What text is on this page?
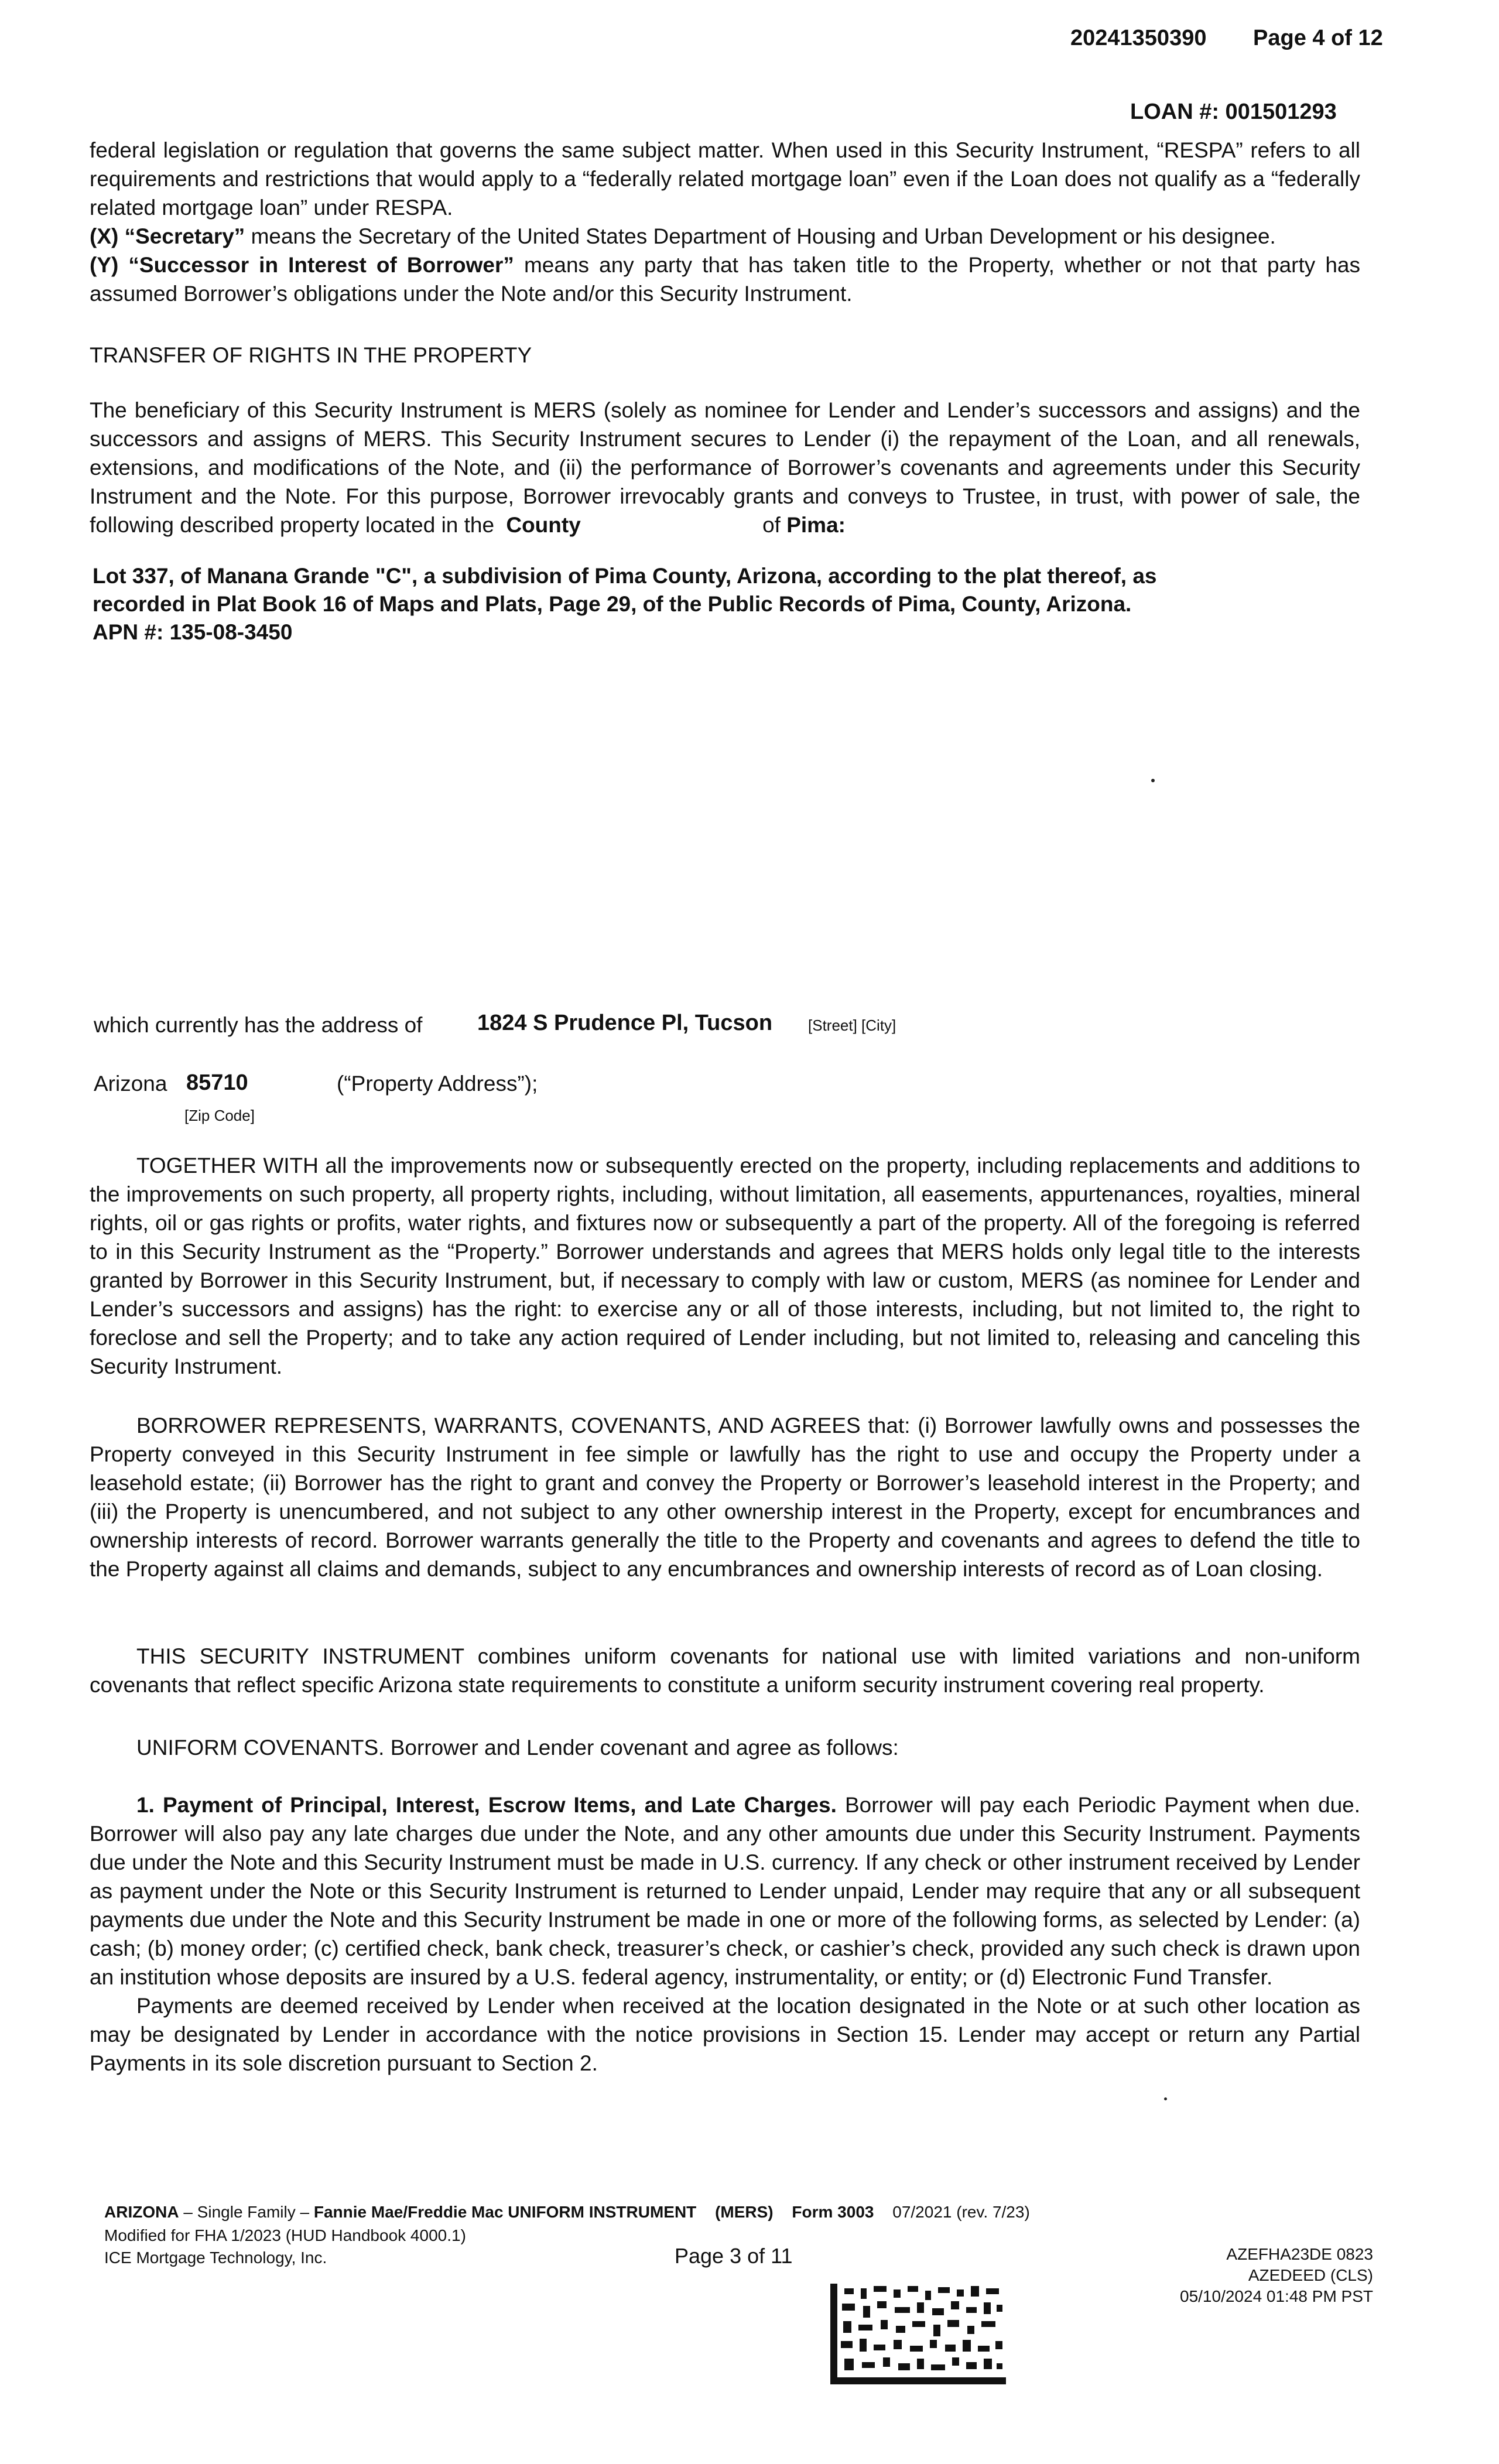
20241350390 Page 4 of 12
LOAN #: 001501293

federal legislation or regulation that governs the same subject matter. When used in this Security Instrument, “RESPA” refers to all requirements and restrictions that would apply to a “federally related mortgage loan” even if the Loan does not qualify as a “federally related mortgage loan” under RESPA.

(X) “Secretary” means the Secretary of the United States Department of Housing and Urban Development or his designee.

(Y) “Successor in Interest of Borrower” means any party that has taken title to the Property, whether or not that party has assumed Borrower’s obligations under the Note and/or this Security Instrument.

TRANSFER OF RIGHTS IN THE PROPERTY
The beneficiary of this Security Instrument is MERS (solely as nominee for Lender and Lender’s successors and assigns) and the successors and assigns of MERS. This Security Instrument secures to Lender (i) the repayment of the Loan, and all renewals, extensions, and modifications of the Note, and (ii) the performance of Borrower’s covenants and agreements under this Security Instrument and the Note. For this purpose, Borrower irrevocably grants and conveys to Trustee, in trust, with power of sale, the following described property located in the County	of Pima:
Lot 337, of Manana Grande "C", a subdivision of Pima County, Arizona, according to the plat thereof, as
recorded in Plat Book 16 of Maps and Plats, Page 29, of the Public Records of Pima, County, Arizona.
APN #: 135-08-3450
which currently has the address of 1824 S Prudence Pl, Tucson [Street] [City]
Arizona 85710	(“Property Address”);
[Zip Code]
TOGETHER WITH all the improvements now or subsequently erected on the property, including replacements and additions to the improvements on such property, all property rights, including, without limitation, all easements, appurtenances, royalties, mineral rights, oil or gas rights or profits, water rights, and fixtures now or subsequently a part of the property. All of the foregoing is referred to in this Security Instrument as the “Property.” Borrower understands and agrees that MERS holds only legal title to the interests granted by Borrower in this Security Instrument, but, if necessary to comply with law or custom, MERS (as nominee for Lender and Lender’s successors and assigns) has the right: to exercise any or all of those interests, including, but not limited to, the right to foreclose and sell the Property; and to take any action required of Lender including, but not limited to, releasing and canceling this Security Instrument.
BORROWER REPRESENTS, WARRANTS, COVENANTS, AND AGREES that: (i) Borrower lawfully owns and possesses the Property conveyed in this Security Instrument in fee simple or lawfully has the right to use and occupy the Property under a leasehold estate; (ii) Borrower has the right to grant and convey the Property or Borrower’s leasehold interest in the Property; and (iii) the Property is unencumbered, and not subject to any other ownership interest in the Property, except for encumbrances and ownership interests of record. Borrower warrants generally the title to the Property and covenants and agrees to defend the title to the Property against all claims and demands, subject to any encumbrances and ownership interests of record as of Loan closing.
THIS SECURITY INSTRUMENT combines uniform covenants for national use with limited variations and non-uniform covenants that reflect specific Arizona state requirements to constitute a uniform security instrument covering real property.
UNIFORM COVENANTS. Borrower and Lender covenant and agree as follows:

1. Payment of Principal, Interest, Escrow Items, and Late Charges. Borrower will pay each Periodic Payment when due. Borrower will also pay any late charges due under the Note, and any other amounts due under this Security Instrument. Payments due under the Note and this Security Instrument must be made in U.S. currency. If any check or other instrument received by Lender as payment under the Note or this Security Instrument is returned to Lender unpaid, Lender may require that any or all subsequent payments due under the Note and this Security Instrument be made in one or more of the following forms, as selected by Lender: (a) cash; (b) money order; (c) certified check, bank check, treasurer’s check, or cashier’s check, provided any such check is drawn upon an institution whose deposits are insured by a U.S. federal agency, instrumentality, or entity; or (d) Electronic Fund Transfer.

Payments are deemed received by Lender when received at the location designated in the Note or at such other location as may be designated by Lender in accordance with the notice provisions in Section 15. Lender may accept or return any Partial Payments in its sole discretion pursuant to Section 2.

ARIZONA – Single Family – Fannie Mae/Freddie Mac UNIFORM INSTRUMENT (MERS) Form 3003 07/2021 (rev. 7/23)
Modified for FHA 1/2023 (HUD Handbook 4000.1)
ICE Mortgage Technology, Inc.	Page 3 of 11	AZEFHA23DE 0823
AZEDEED (CLS)
05/10/2024 01:48 PM PST
